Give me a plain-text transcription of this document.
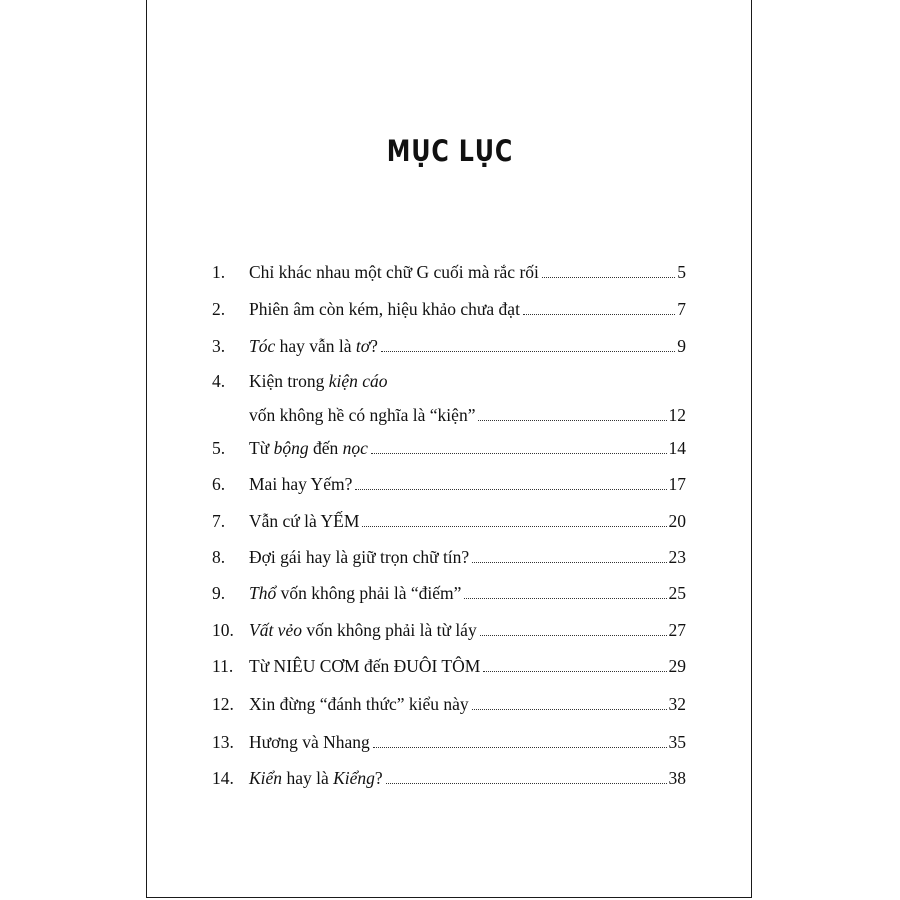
MỤC LỤC
1. Chỉ khác nhau một chữ G cuối mà rắc rối	5
2. Phiên âm còn kém, hiệu khảo chưa đạt	7
3. Tóc hay vẫn là tơ?	9
4. Kiện trong kiện cáo
vốn không hề có nghĩa là “kiện”	12
5. Từ bộng đến nọc	14
6. Mai hay Yếm?	17
7. Vẫn cứ là YẾM	20
8. Đợi gái hay là giữ trọn chữ tín?	23
9. Thổ vốn không phải là “điếm”	25
10. Vất vẻo vốn không phải là từ láy	27
11. Từ NIÊU CƠM đến ĐUÔI TÔM	29
12. Xin đừng “đánh thức” kiểu này	32
13. Hương và Nhang	35
14. Kiển hay là Kiểng?	38
